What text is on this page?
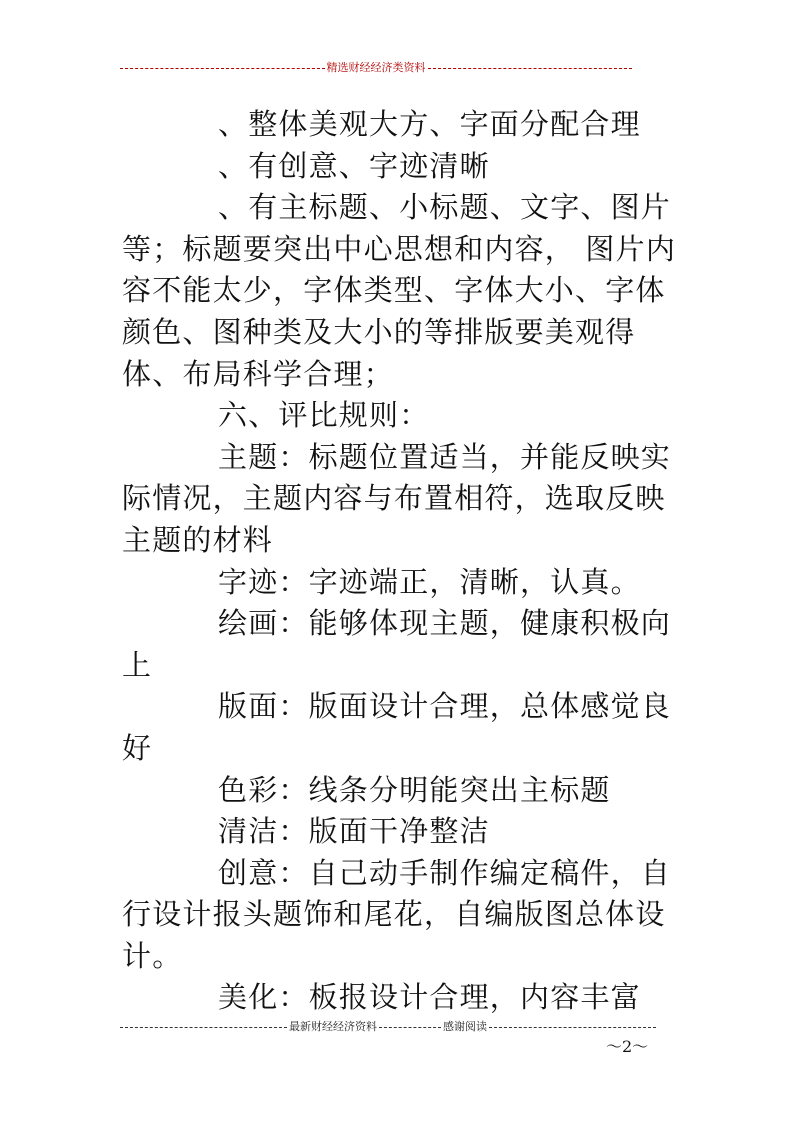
精选财经经济类资料

、整体美观大方、字面分配合理

、有创意、字迹清晰

、有主标题、小标题、文字、图片等；标题要突出中心思想和内容， 图片内容不能太少，字体类型、字体大小、字体颜色、图种类及大小的等排版要美观得体、布局科学合理；

六、评比规则：

主题：标题位置适当，并能反映实际情况，主题内容与布置相符，选取反映主题的材料

字迹：字迹端正，清晰，认真。

绘画：能够体现主题，健康积极向上

版面：版面设计合理，总体感觉良好

色彩：线条分明能突出主标题

清洁：版面干净整洁

创意：自己动手制作编定稿件，自行设计报头题饰和尾花，自编版图总体设 计。

美化：板报设计合理，内容丰富

最新财经经济资料	感谢阅读
～2～
